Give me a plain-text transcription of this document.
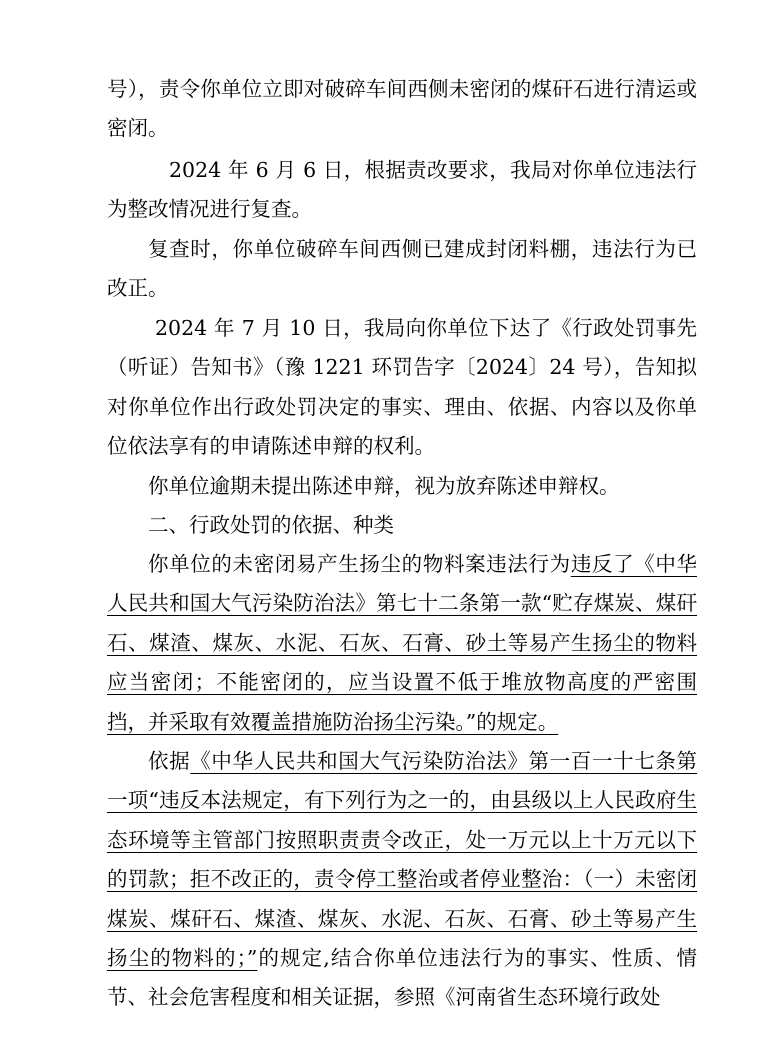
号），责令你单位立即对破碎车间西侧未密闭的煤矸石进行清运或密闭。

2024 年 6 月 6 日，根据责改要求，我局对你单位违法行为整改情况进行复查。

复查时，你单位破碎车间西侧已建成封闭料棚，违法行为已改正。

2024 年 7 月 10 日，我局向你单位下达了《行政处罚事先（听证）告知书》（豫 1221 环罚告字〔2024〕24 号），告知拟对你单位作出行政处罚决定的事实、理由、依据、内容以及你单位依法享有的申请陈述申辩的权利。

你单位逾期未提出陈述申辩，视为放弃陈述申辩权。

二、行政处罚的依据、种类

你单位的未密闭易产生扬尘的物料案违法行为违反了《中华人民共和国大气污染防治法》第七十二条第一款“贮存煤炭、煤矸石、煤渣、煤灰、水泥、石灰、石膏、砂土等易产生扬尘的物料应当密闭；不能密闭的，应当设置不低于堆放物高度的严密围挡，并采取有效覆盖措施防治扬尘污染。”的规定。

依据《中华人民共和国大气污染防治法》第一百一十七条第一项“违反本法规定，有下列行为之一的，由县级以上人民政府生态环境等主管部门按照职责责令改正，处一万元以上十万元以下的罚款；拒不改正的，责令停工整治或者停业整治：（一）未密闭煤炭、煤矸石、煤渣、煤灰、水泥、石灰、石膏、砂土等易产生扬尘的物料的；”的规定,结合你单位违法行为的事实、性质、情节、社会危害程度和相关证据，参照《河南省生态环境行政处
